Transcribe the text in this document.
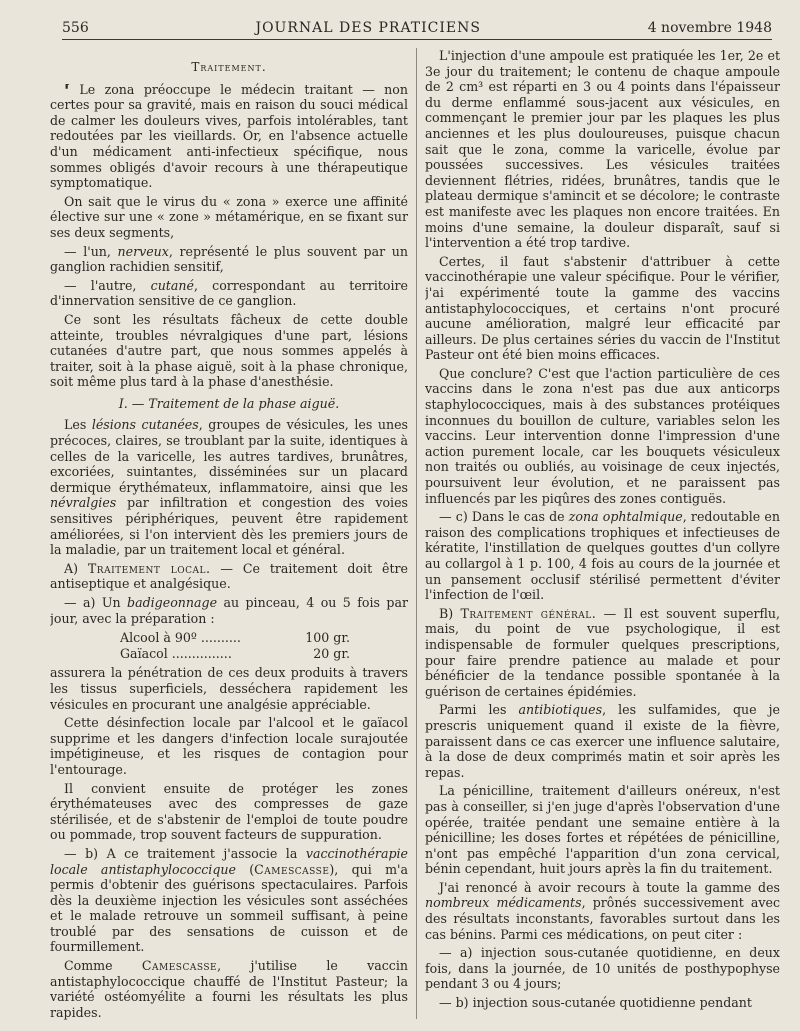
556	JOURNAL DES PRATICIENS	4 novembre 1948
Traitement.

⸢ Le zona préoccupe le médecin traitant — non certes pour sa gravité, mais en raison du souci médical de calmer les douleurs vives, parfois intolérables, tant redoutées par les vieillards. Or, en l'absence actuelle d'un médicament anti-infectieux spécifique, nous sommes obligés d'avoir recours à une thérapeutique symptomatique.

On sait que le virus du « zona » exerce une affinité élective sur une « zone » métamérique, en se fixant sur ses deux segments,

— l'un, nerveux, représenté le plus souvent par un ganglion rachidien sensitif,

— l'autre, cutané, correspondant au territoire d'innervation sensitive de ce ganglion.

Ce sont les résultats fâcheux de cette double atteinte, troubles névralgiques d'une part, lésions cutanées d'autre part, que nous sommes appelés à traiter, soit à la phase aiguë, soit à la phase chronique, soit même plus tard à la phase d'anesthésie.

I. — Traitement de la phase aiguë.

Les lésions cutanées, groupes de vésicules, les unes précoces, claires, se troublant par la suite, identiques à celles de la varicelle, les autres tardives, brunâtres, excoriées, suintantes, disséminées sur un placard dermique érythémateux, inflammatoire, ainsi que les névralgies par infiltration et congestion des voies sensitives périphériques, peuvent être rapidement améliorées, si l'on intervient dès les premiers jours de la maladie, par un traitement local et général.

A) Traitement local. — Ce traitement doit être antiseptique et analgésique.

— a) Un badigeonnage au pinceau, 4 ou 5 fois par jour, avec la préparation :

Alcool à 90º ..........	100 gr.
Gaïacol ...............	20 gr.

assurera la pénétration de ces deux produits à travers les tissus superficiels, desséchera rapidement les vésicules en procurant une analgésie appréciable.

Cette désinfection locale par l'alcool et le gaïacol supprime et les dangers d'infection locale surajoutée impétigineuse, et les risques de contagion pour l'entourage.

Il convient ensuite de protéger les zones érythémateuses avec des compresses de gaze stérilisée, et de s'abstenir de l'emploi de toute poudre ou pommade, trop souvent facteurs de suppuration.

— b) A ce traitement j'associe la vaccinothérapie locale antistaphylococcique (Camescasse), qui m'a permis d'obtenir des guérisons spectaculaires. Parfois dès la deuxième injection les vésicules sont asséchées et le malade retrouve un sommeil suffisant, à peine troublé par des sensations de cuisson et de fourmillement.

Comme Camescasse, j'utilise le vaccin antistaphylococcique chauffé de l'Institut Pasteur; la variété ostéomyélite a fourni les résultats les plus rapides.

L'injection d'une ampoule est pratiquée les 1er, 2e et 3e jour du traitement; le contenu de chaque ampoule de 2 cm³ est réparti en 3 ou 4 points dans l'épaisseur du derme enflammé sous-jacent aux vésicules, en commençant le premier jour par les plaques les plus anciennes et les plus douloureuses, puisque chacun sait que le zona, comme la varicelle, évolue par poussées successives. Les vésicules traitées deviennent flétries, ridées, brunâtres, tandis que le plateau dermique s'amincit et se décolore; le contraste est manifeste avec les plaques non encore traitées. En moins d'une semaine, la douleur disparaît, sauf si l'intervention a été trop tardive.

Certes, il faut s'abstenir d'attribuer à cette vaccinothérapie une valeur spécifique. Pour le vérifier, j'ai expérimenté toute la gamme des vaccins antistaphylococciques, et certains n'ont procuré aucune amélioration, malgré leur efficacité par ailleurs. De plus certaines séries du vaccin de l'Institut Pasteur ont été bien moins efficaces.

Que conclure? C'est que l'action particulière de ces vaccins dans le zona n'est pas due aux anticorps staphylococciques, mais à des substances protéiques inconnues du bouillon de culture, variables selon les vaccins. Leur intervention donne l'impression d'une action purement locale, car les bouquets vésiculeux non traités ou oubliés, au voisinage de ceux injectés, poursuivent leur évolution, et ne paraissent pas influencés par les piqûres des zones contiguës.

— c) Dans le cas de zona ophtalmique, redoutable en raison des complications trophiques et infectieuses de kératite, l'instillation de quelques gouttes d'un collyre au collargol à 1 p. 100, 4 fois au cours de la journée et un pansement occlusif stérilisé permettent d'éviter l'infection de l'œil.

B) Traitement général. — Il est souvent superflu, mais, du point de vue psychologique, il est indispensable de formuler quelques prescriptions, pour faire prendre patience au malade et pour bénéficier de la tendance possible spontanée à la guérison de certaines épidémies.

Parmi les antibiotiques, les sulfamides, que je prescris uniquement quand il existe de la fièvre, paraissent dans ce cas exercer une influence salutaire, à la dose de deux comprimés matin et soir après les repas.

La pénicilline, traitement d'ailleurs onéreux, n'est pas à conseiller, si j'en juge d'après l'observation d'une opérée, traitée pendant une semaine entière à la pénicilline; les doses fortes et répétées de pénicilline, n'ont pas empêché l'apparition d'un zona cervical, bénin cependant, huit jours après la fin du traitement.

J'ai renoncé à avoir recours à toute la gamme des nombreux médicaments, prônés successivement avec des résultats inconstants, favorables surtout dans les cas bénins. Parmi ces médications, on peut citer :

— a) injection sous-cutanée quotidienne, en deux fois, dans la journée, de 10 unités de posthypophyse pendant 3 ou 4 jours;

— b) injection sous-cutanée quotidienne pendant
